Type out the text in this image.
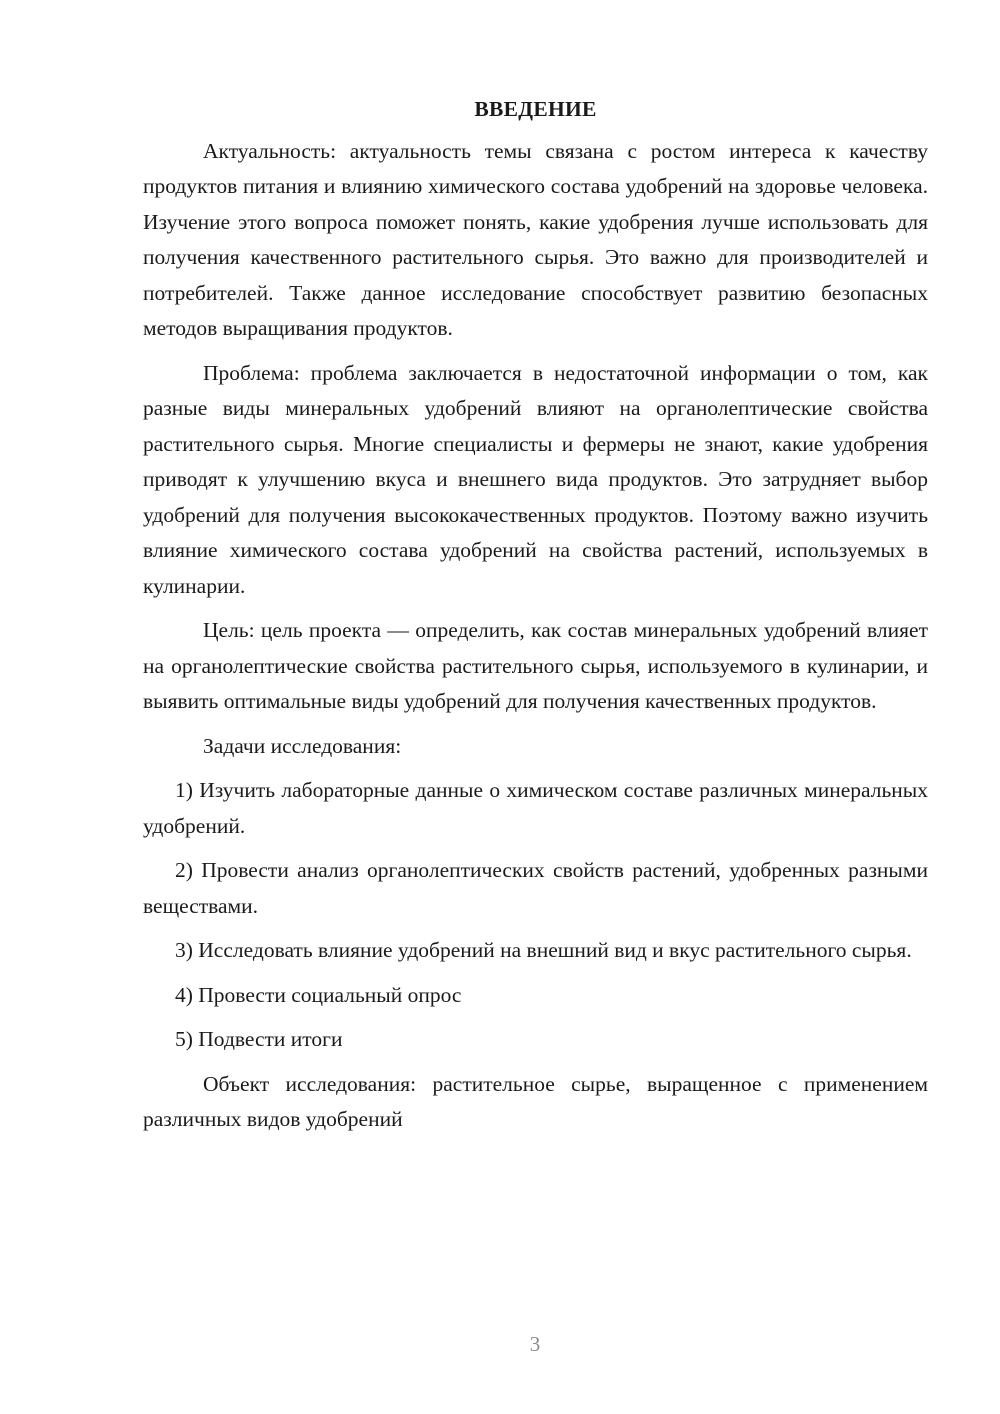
ВВЕДЕНИЕ

Актуальность: актуальность темы связана с ростом интереса к качеству продуктов питания и влиянию химического состава удобрений на здоровье человека. Изучение этого вопроса поможет понять, какие удобрения лучше использовать для получения качественного растительного сырья. Это важно для производителей и потребителей. Также данное исследование способствует развитию безопасных методов выращивания продуктов.

Проблема: проблема заключается в недостаточной информации о том, как разные виды минеральных удобрений влияют на органолептические свойства растительного сырья. Многие специалисты и фермеры не знают, какие удобрения приводят к улучшению вкуса и внешнего вида продуктов. Это затрудняет выбор удобрений для получения высококачественных продуктов. Поэтому важно изучить влияние химического состава удобрений на свойства растений, используемых в кулинарии.

Цель: цель проекта — определить, как состав минеральных удобрений влияет на органолептические свойства растительного сырья, используемого в кулинарии, и выявить оптимальные виды удобрений для получения качественных продуктов.

Задачи исследования:

1) Изучить лабораторные данные о химическом составе различных минеральных удобрений.

2) Провести анализ органолептических свойств растений, удобренных разными веществами.

3) Исследовать влияние удобрений на внешний вид и вкус растительного сырья.

4) Провести социальный опрос

5) Подвести итоги

Объект исследования: растительное сырье, выращенное с применением различных видов удобрений

3
